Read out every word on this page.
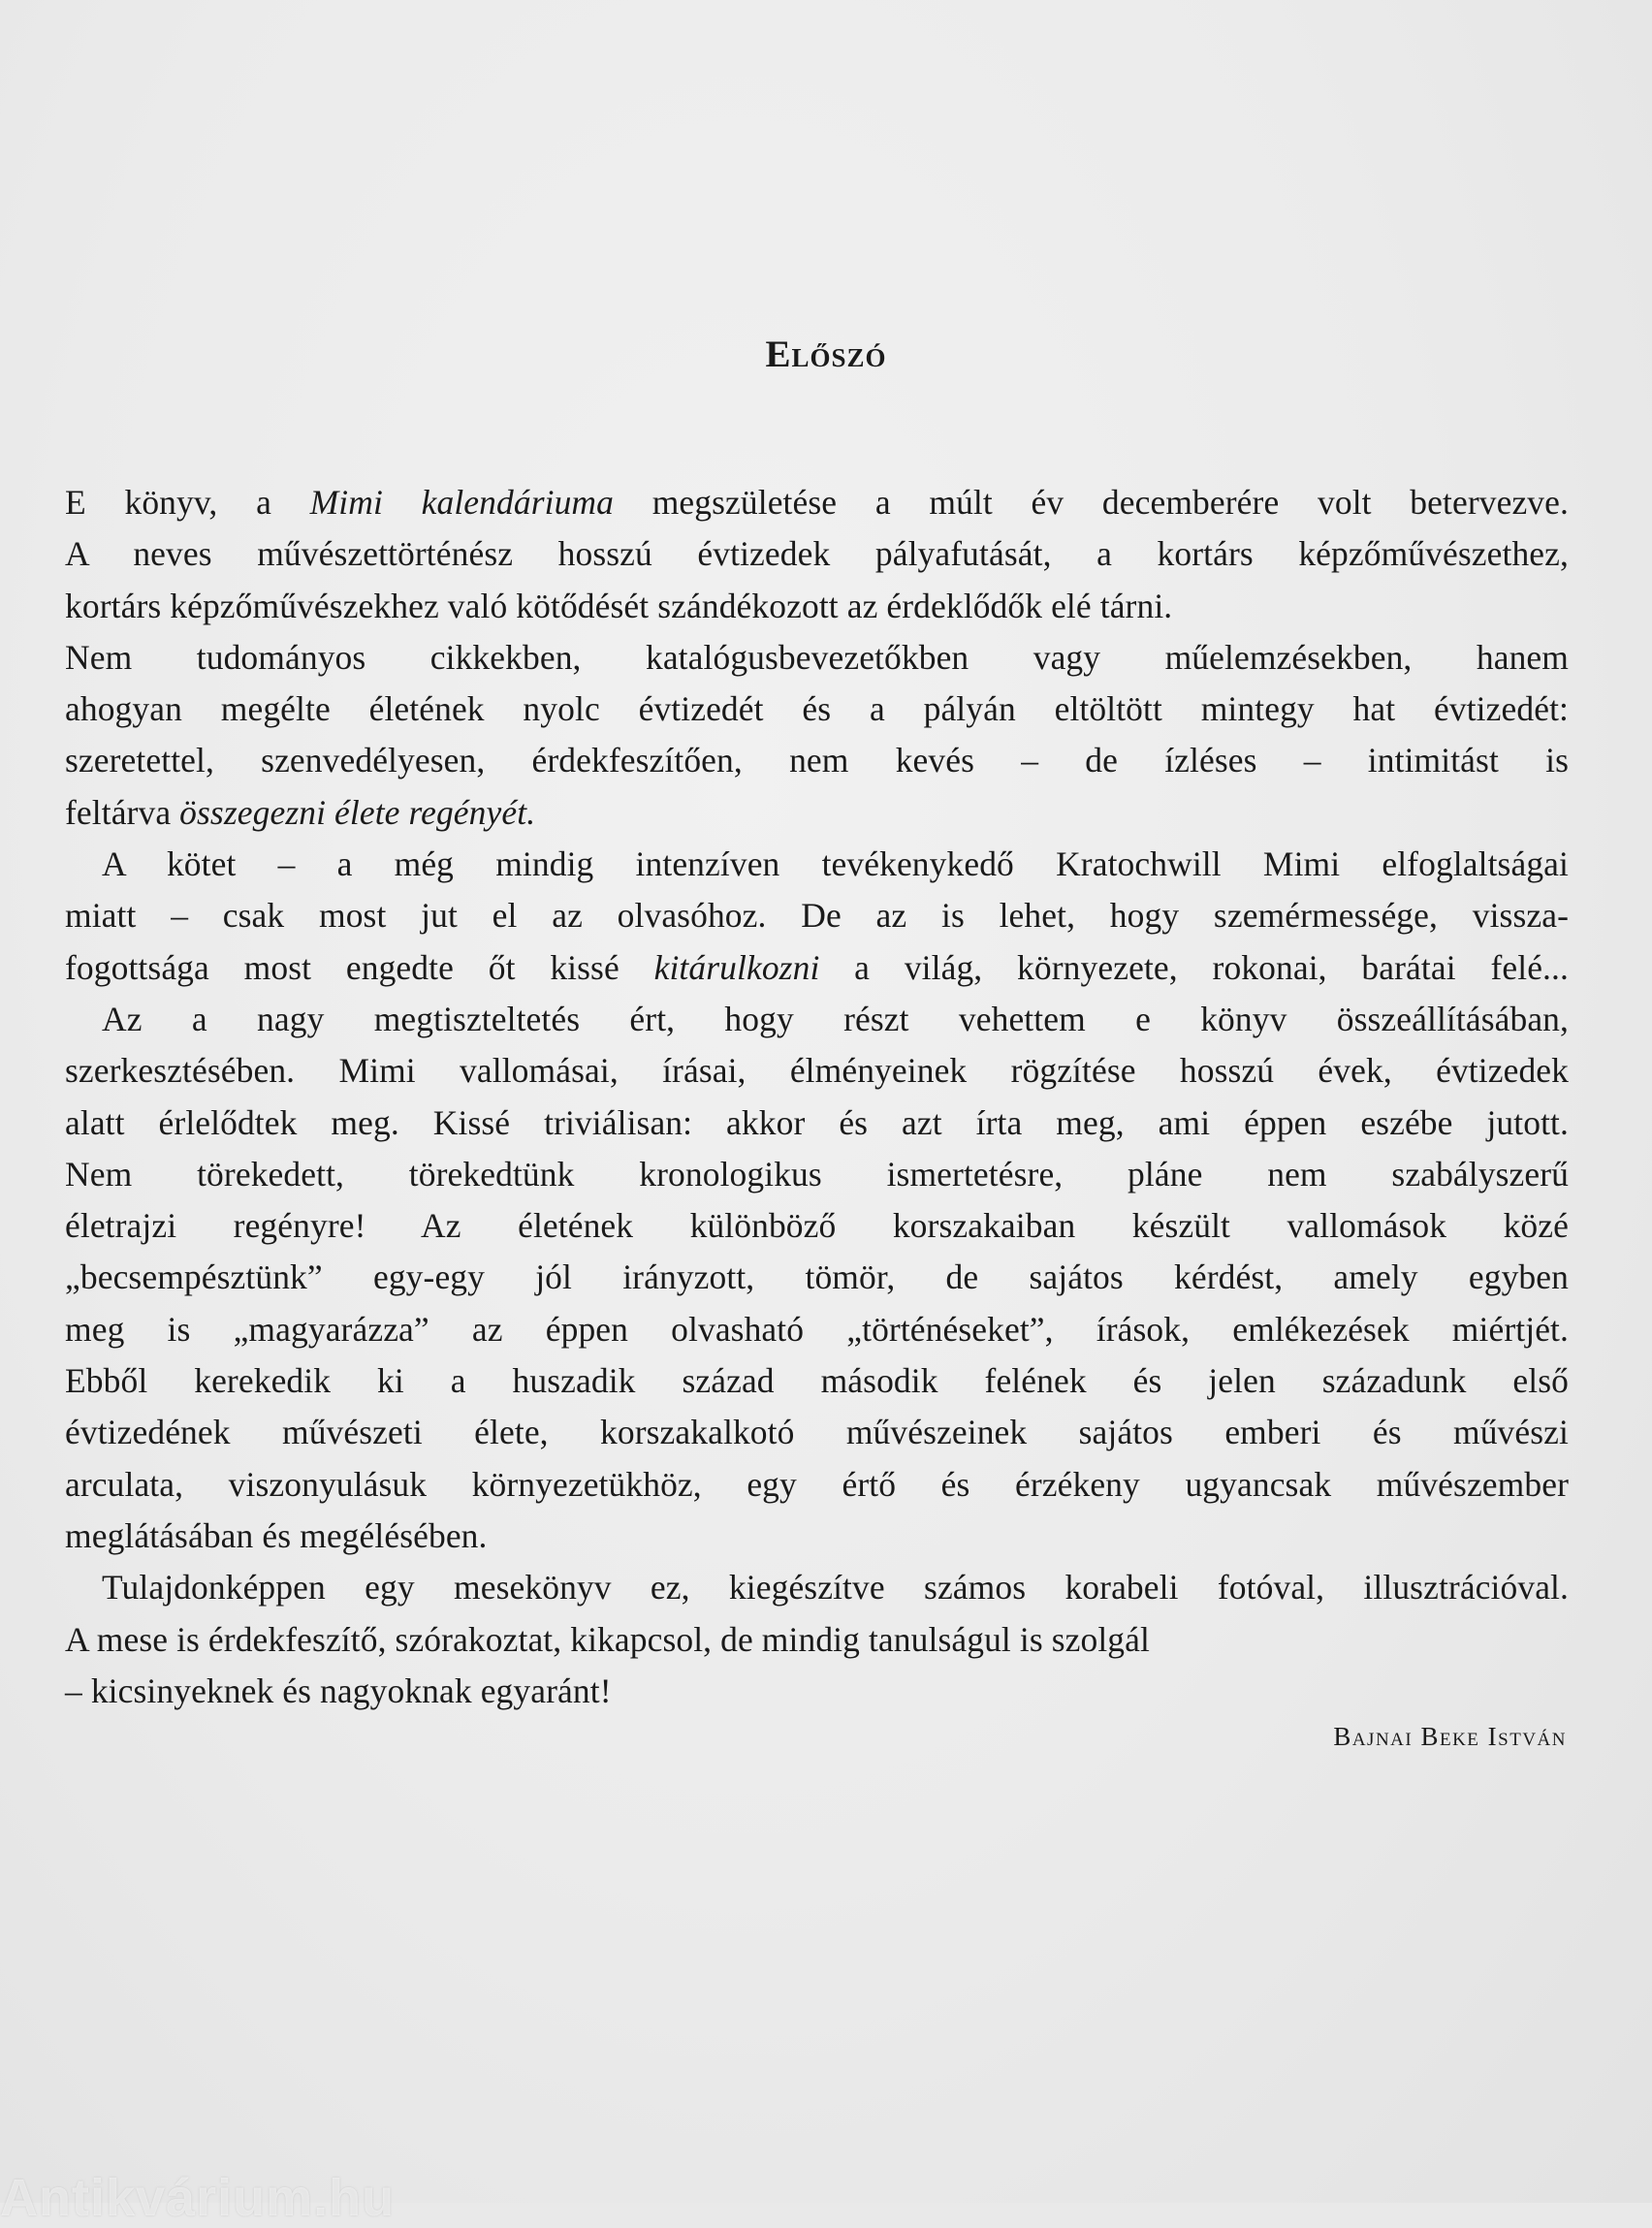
Előszó
E könyv, a Mimi kalendáriuma megszületése a múlt év decemberére volt betervezve.
A neves művészettörténész hosszú évtizedek pályafutását, a kortárs képzőművészethez,
kortárs képzőművészekhez való kötődését szándékozott az érdeklődők elé tárni.
Nem tudományos cikkekben, katalógusbevezetőkben vagy műelemzésekben, hanem
ahogyan megélte életének nyolc évtizedét és a pályán eltöltött mintegy hat évtizedét:
szeretettel, szenvedélyesen, érdekfeszítően, nem kevés – de ízléses – intimitást is
feltárva összegezni élete regényét.
A kötet – a még mindig intenzíven tevékenykedő Kratochwill Mimi elfoglaltságai
miatt – csak most jut el az olvasóhoz. De az is lehet, hogy szemérmessége, vissza-
fogottsága most engedte őt kissé kitárulkozni a világ, környezete, rokonai, barátai felé...
Az a nagy megtiszteltetés ért, hogy részt vehettem e könyv összeállításában,
szerkesztésében. Mimi vallomásai, írásai, élményeinek rögzítése hosszú évek, évtizedek
alatt érlelődtek meg. Kissé triviálisan: akkor és azt írta meg, ami éppen eszébe jutott.
Nem törekedett, törekedtünk kronologikus ismertetésre, pláne nem szabályszerű
életrajzi regényre! Az életének különböző korszakaiban készült vallomások közé
„becsempésztünk” egy-egy jól irányzott, tömör, de sajátos kérdést, amely egyben
meg is „magyarázza” az éppen olvasható „történéseket”, írások, emlékezések miértjét.
Ebből kerekedik ki a huszadik század második felének és jelen századunk első
évtizedének művészeti élete, korszakalkotó művészeinek sajátos emberi és művészi
arculata, viszonyulásuk környezetükhöz, egy értő és érzékeny ugyancsak művészember
meglátásában és megélésében.
Tulajdonképpen egy mesekönyv ez, kiegészítve számos korabeli fotóval, illusztrációval.
A mese is érdekfeszítő, szórakoztat, kikapcsol, de mindig tanulságul is szolgál
– kicsinyeknek és nagyoknak egyaránt!
Bajnai Beke István
Antikvárium.hu
